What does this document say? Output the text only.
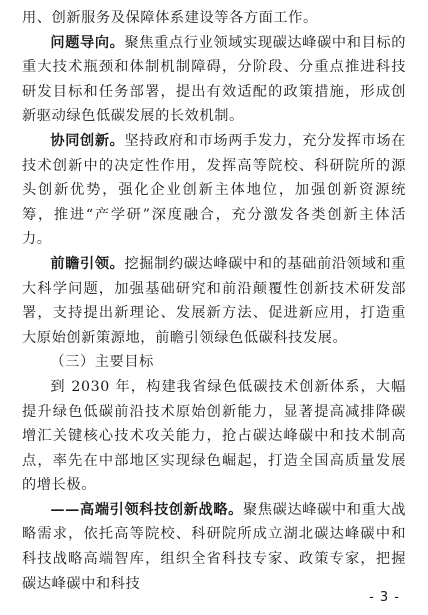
用、创新服务及保障体系建设等各方面工作。

问题导向。聚焦重点行业领域实现碳达峰碳中和目标的重大技术瓶颈和体制机制障碍，分阶段、分重点推进科技研发目标和任务部署，提出有效适配的政策措施，形成创新驱动绿色低碳发展的长效机制。

协同创新。坚持政府和市场两手发力，充分发挥市场在技术创新中的决定性作用，发挥高等院校、科研院所的源头创新优势，强化企业创新主体地位，加强创新资源统筹，推进“产学研”深度融合，充分激发各类创新主体活力。

前瞻引领。挖掘制约碳达峰碳中和的基础前沿领域和重大科学问题，加强基础研究和前沿颠覆性创新技术研发部署，支持提出新理论、发展新方法、促进新应用，打造重大原始创新策源地，前瞻引领绿色低碳科技发展。

（三）主要目标

到 2030 年，构建我省绿色低碳技术创新体系，大幅提升绿色低碳前沿技术原始创新能力，显著提高减排降碳增汇关键核心技术攻关能力，抢占碳达峰碳中和技术制高点，率先在中部地区实现绿色崛起，打造全国高质量发展的增长极。

——高端引领科技创新战略。聚焦碳达峰碳中和重大战略需求，依托高等院校、科研院所成立湖北碳达峰碳中和科技战略高端智库，组织全省科技专家、政策专家，把握碳达峰碳中和科技

- 3 -
